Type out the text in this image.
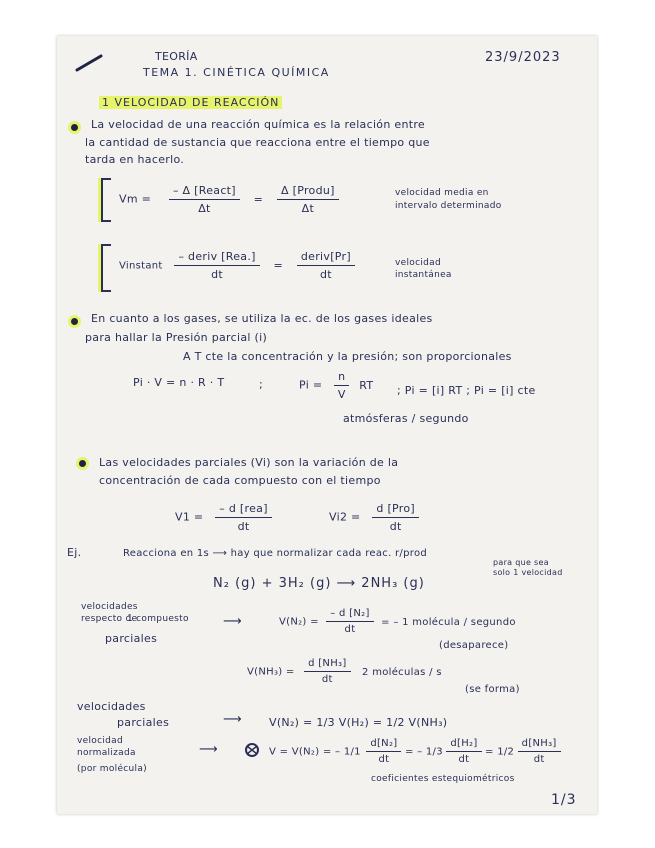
TEORÍA
TEMA 1. CINÉTICA QUÍMICA
23/9/2023
1 VELOCIDAD DE REACCIÓN
La velocidad de una reacción química es la relación entre
la cantidad de sustancia que reacciona entre el tiempo que
tarda en hacerlo.
$Vm = \frac{\text{– Δ [React]}}{\Delta t} = \frac{\text{Δ [Produ]}}{\Delta t}$	velocidad media en
intervalo determinado
Vinstant $\frac{\text{– deriv [Rea.]}}{dt} = \frac{\text{deriv[Pr]}}{dt}$	velocidad
instantánea
En cuanto a los gases, se utiliza la ec. de los gases ideales
para hallar la Presión parcial (i)
A T cte la concentración y la presión; son proporcionales
Pi · V = n · R · T	;	$Pi = \frac{n}{V}$ RT ; Pi = [i] RT ; Pi = [i] cte
atmósferas / segundo
Las velocidades parciales (Vi) son la variación de la
concentración de cada compuesto con el tiempo
$V1 = \frac{\text{– d [rea]}}{dt}$	$Vi2 = \frac{\text{d [Pro]}}{dt}$
Ej.	Reacciona en 1s ⟶ hay que normalizar cada reac. r/prod
para que sea
solo 1 velocidad
N₂ (g) + 3H₂ (g) ⟶ 2NH₃ (g)
velocidades
respecto de
1 compuesto
parciales
⟶	$V(N_2) = \frac{\text{– d [N₂]}}{dt}$ = – 1 molécula / segundo
(desaparece)
$V(NH_3) = \frac{\text{d [NH₃]}}{dt} 2$ moléculas / s
(se forma)
velocidades
parciales	⟶ V(N₂) = 1/3 V(H₂) = 1/2 V(NH₃)
velocidad
normalizada
(por molécula)
⟶	V = V(N₂) = – $1/1 \frac{\text{d[N₂]}}{dt}$ = – $1/3 \frac{\text{d[H₂]}}{dt} = 1/2 \frac{\text{d[NH₃]}}{dt}$
coeficientes estequiométricos
1/3
